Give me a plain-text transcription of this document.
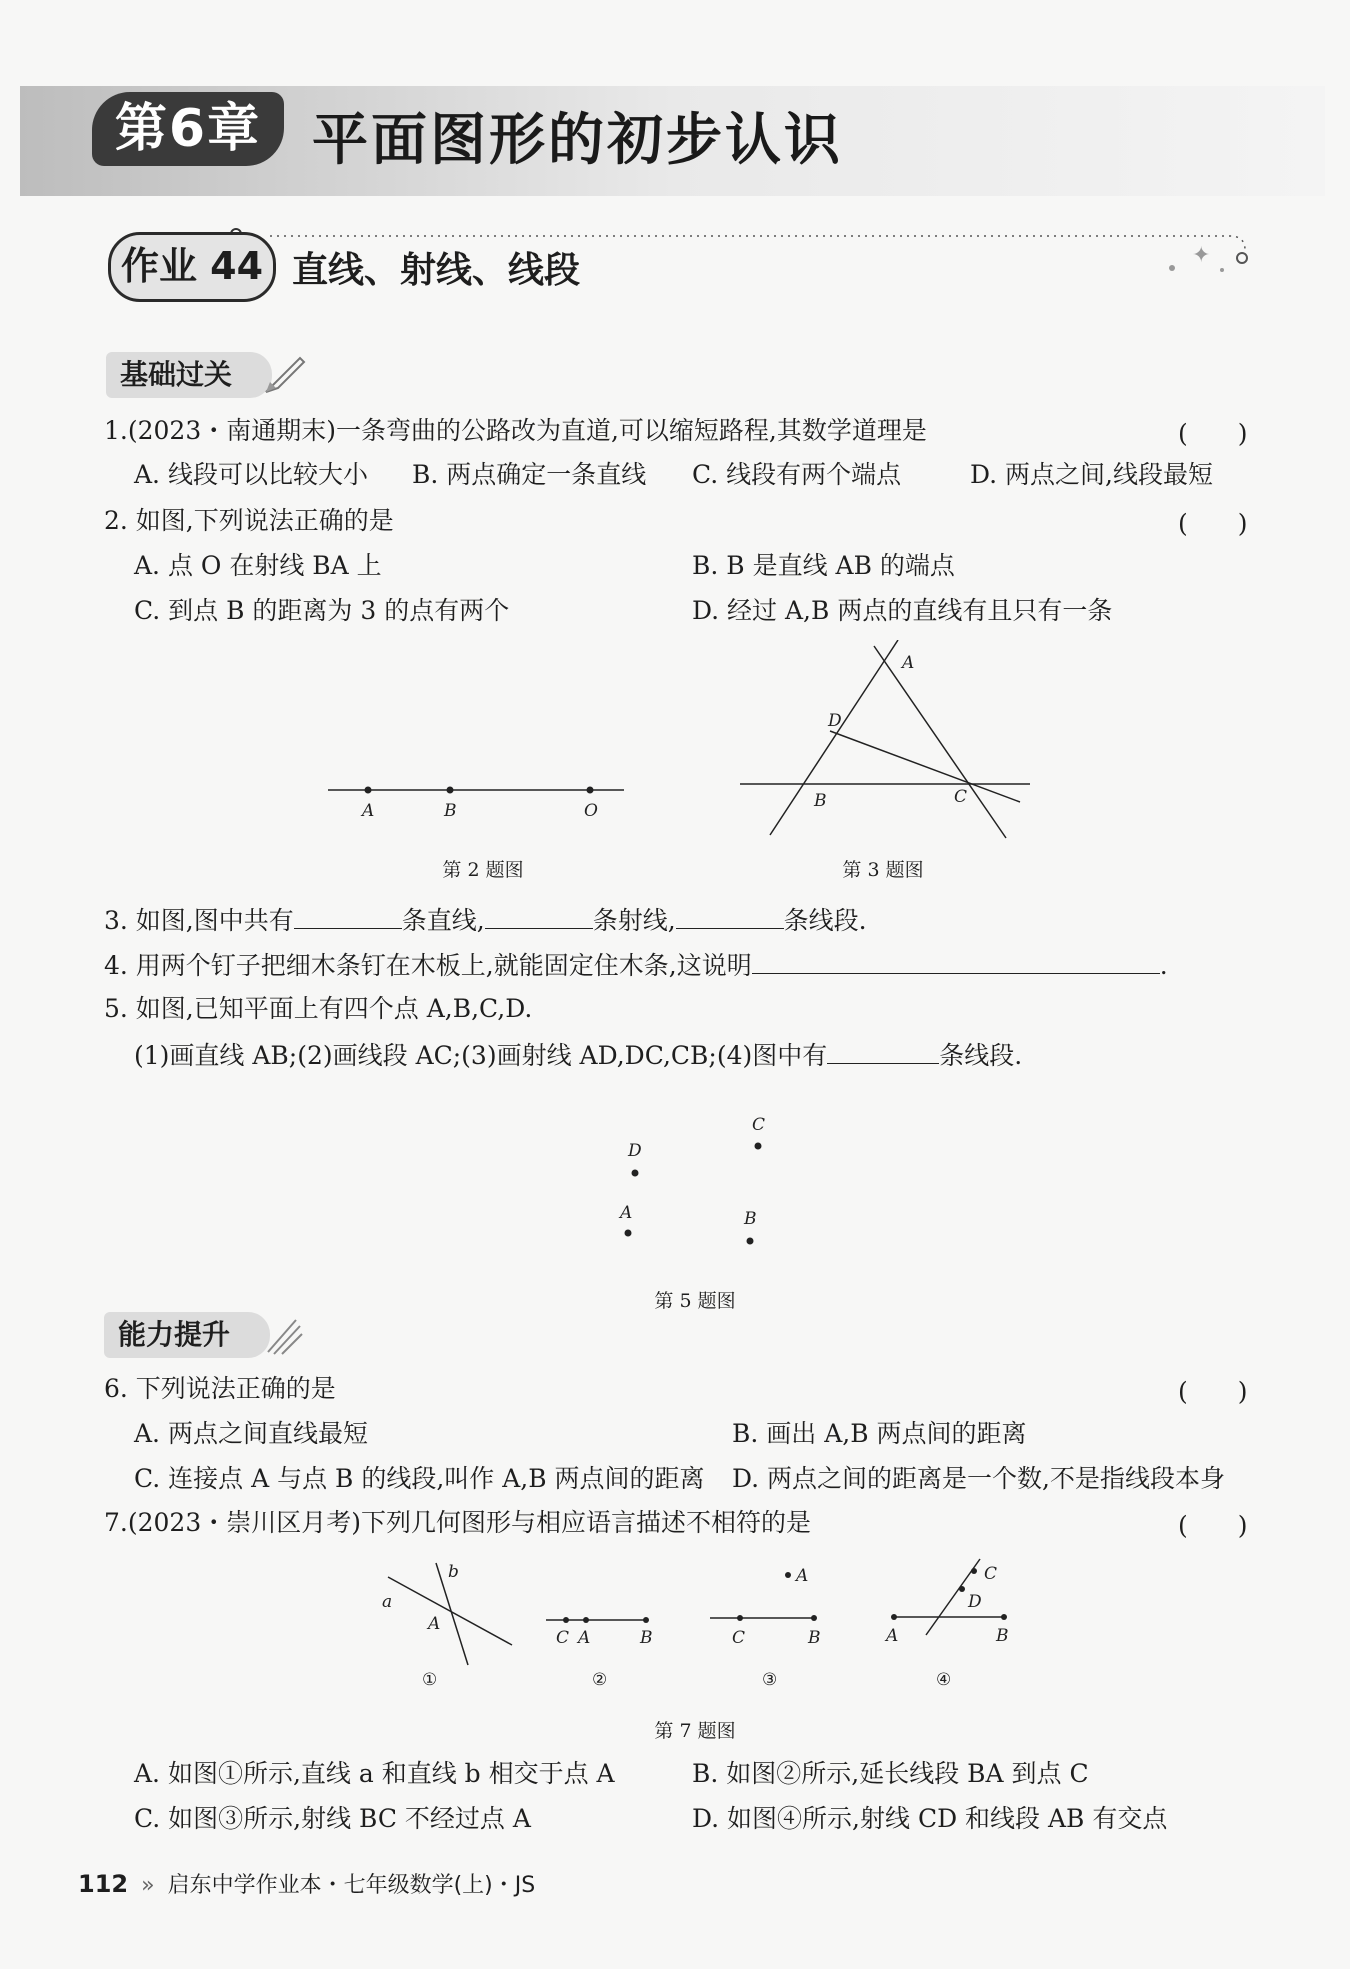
第6章 平面图形的初步认识
✦
作业 44 直线、射线、线段
基础过关
1.(2023・南通期末)一条弯曲的公路改为直道,可以缩短路程,其数学道理是	(　　)
A. 线段可以比较大小 B. 两点确定一条直线 C. 线段有两个端点	D. 两点之间,线段最短
2. 如图,下列说法正确的是	(　　)
A. 点 O 在射线 BA 上	B. B 是直线 AB 的端点
C. 到点 B 的距离为 3 的点有两个	D. 经过 A,B 两点的直线有且只有一条
A	B	O
第 2 题图
A
D
B	C
第 3 题图
3. 如图,图中共有	条直线,	条射线,	条线段.
4. 用两个钉子把细木条钉在木板上,就能固定住木条,这说明	.
5. 如图,已知平面上有四个点 A,B,C,D.
(1)画直线 AB;(2)画线段 AC;(3)画射线 AD,DC,CB;(4)图中有	条线段.
D
C
A	B
第 5 题图
能力提升
6. 下列说法正确的是	(　　)
A. 两点之间直线最短	B. 画出 A,B 两点间的距离
C. 连接点 A 与点 B 的线段,叫作 A,B 两点间的距离 D. 两点之间的距离是一个数,不是指线段本身
7.(2023・崇川区月考)下列几何图形与相应语言描述不相符的是	(　　)
a
b
A
①
C A	B
②
A
C	B
③
C
D
A	B
④
第 7 题图
A. 如图①所示,直线 a 和直线 b 相交于点 A	B. 如图②所示,延长线段 BA 到点 C
C. 如图③所示,射线 BC 不经过点 A	D. 如图④所示,射线 CD 和线段 AB 有交点
112 » 启东中学作业本・七年级数学(上)・JS
